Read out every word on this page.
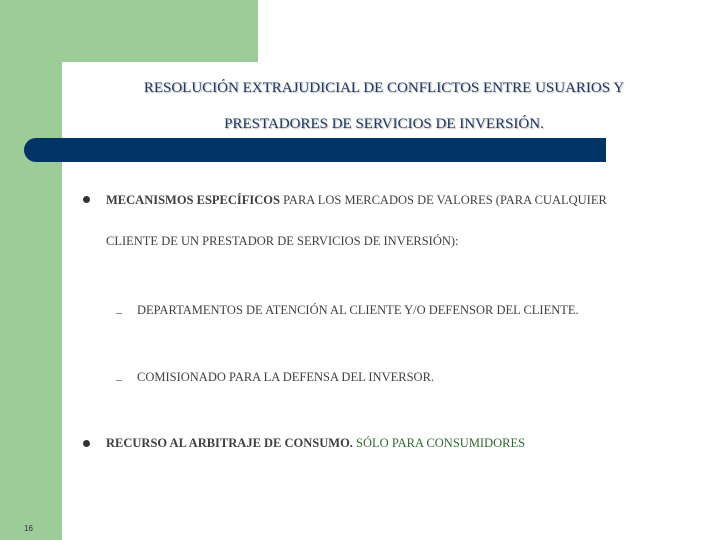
RESOLUCIÓN EXTRAJUDICIAL DE CONFLICTOS ENTRE USUARIOS Y
PRESTADORES DE SERVICIOS DE INVERSIÓN.
MECANISMOS ESPECÍFICOS PARA LOS MERCADOS DE VALORES (PARA CUALQUIER
CLIENTE DE UN PRESTADOR DE SERVICIOS DE INVERSIÓN):
– DEPARTAMENTOS DE ATENCIÓN AL CLIENTE Y/O DEFENSOR DEL CLIENTE.
– COMISIONADO PARA LA DEFENSA DEL INVERSOR.
RECURSO AL ARBITRAJE DE CONSUMO. SÓLO PARA CONSUMIDORES
16
